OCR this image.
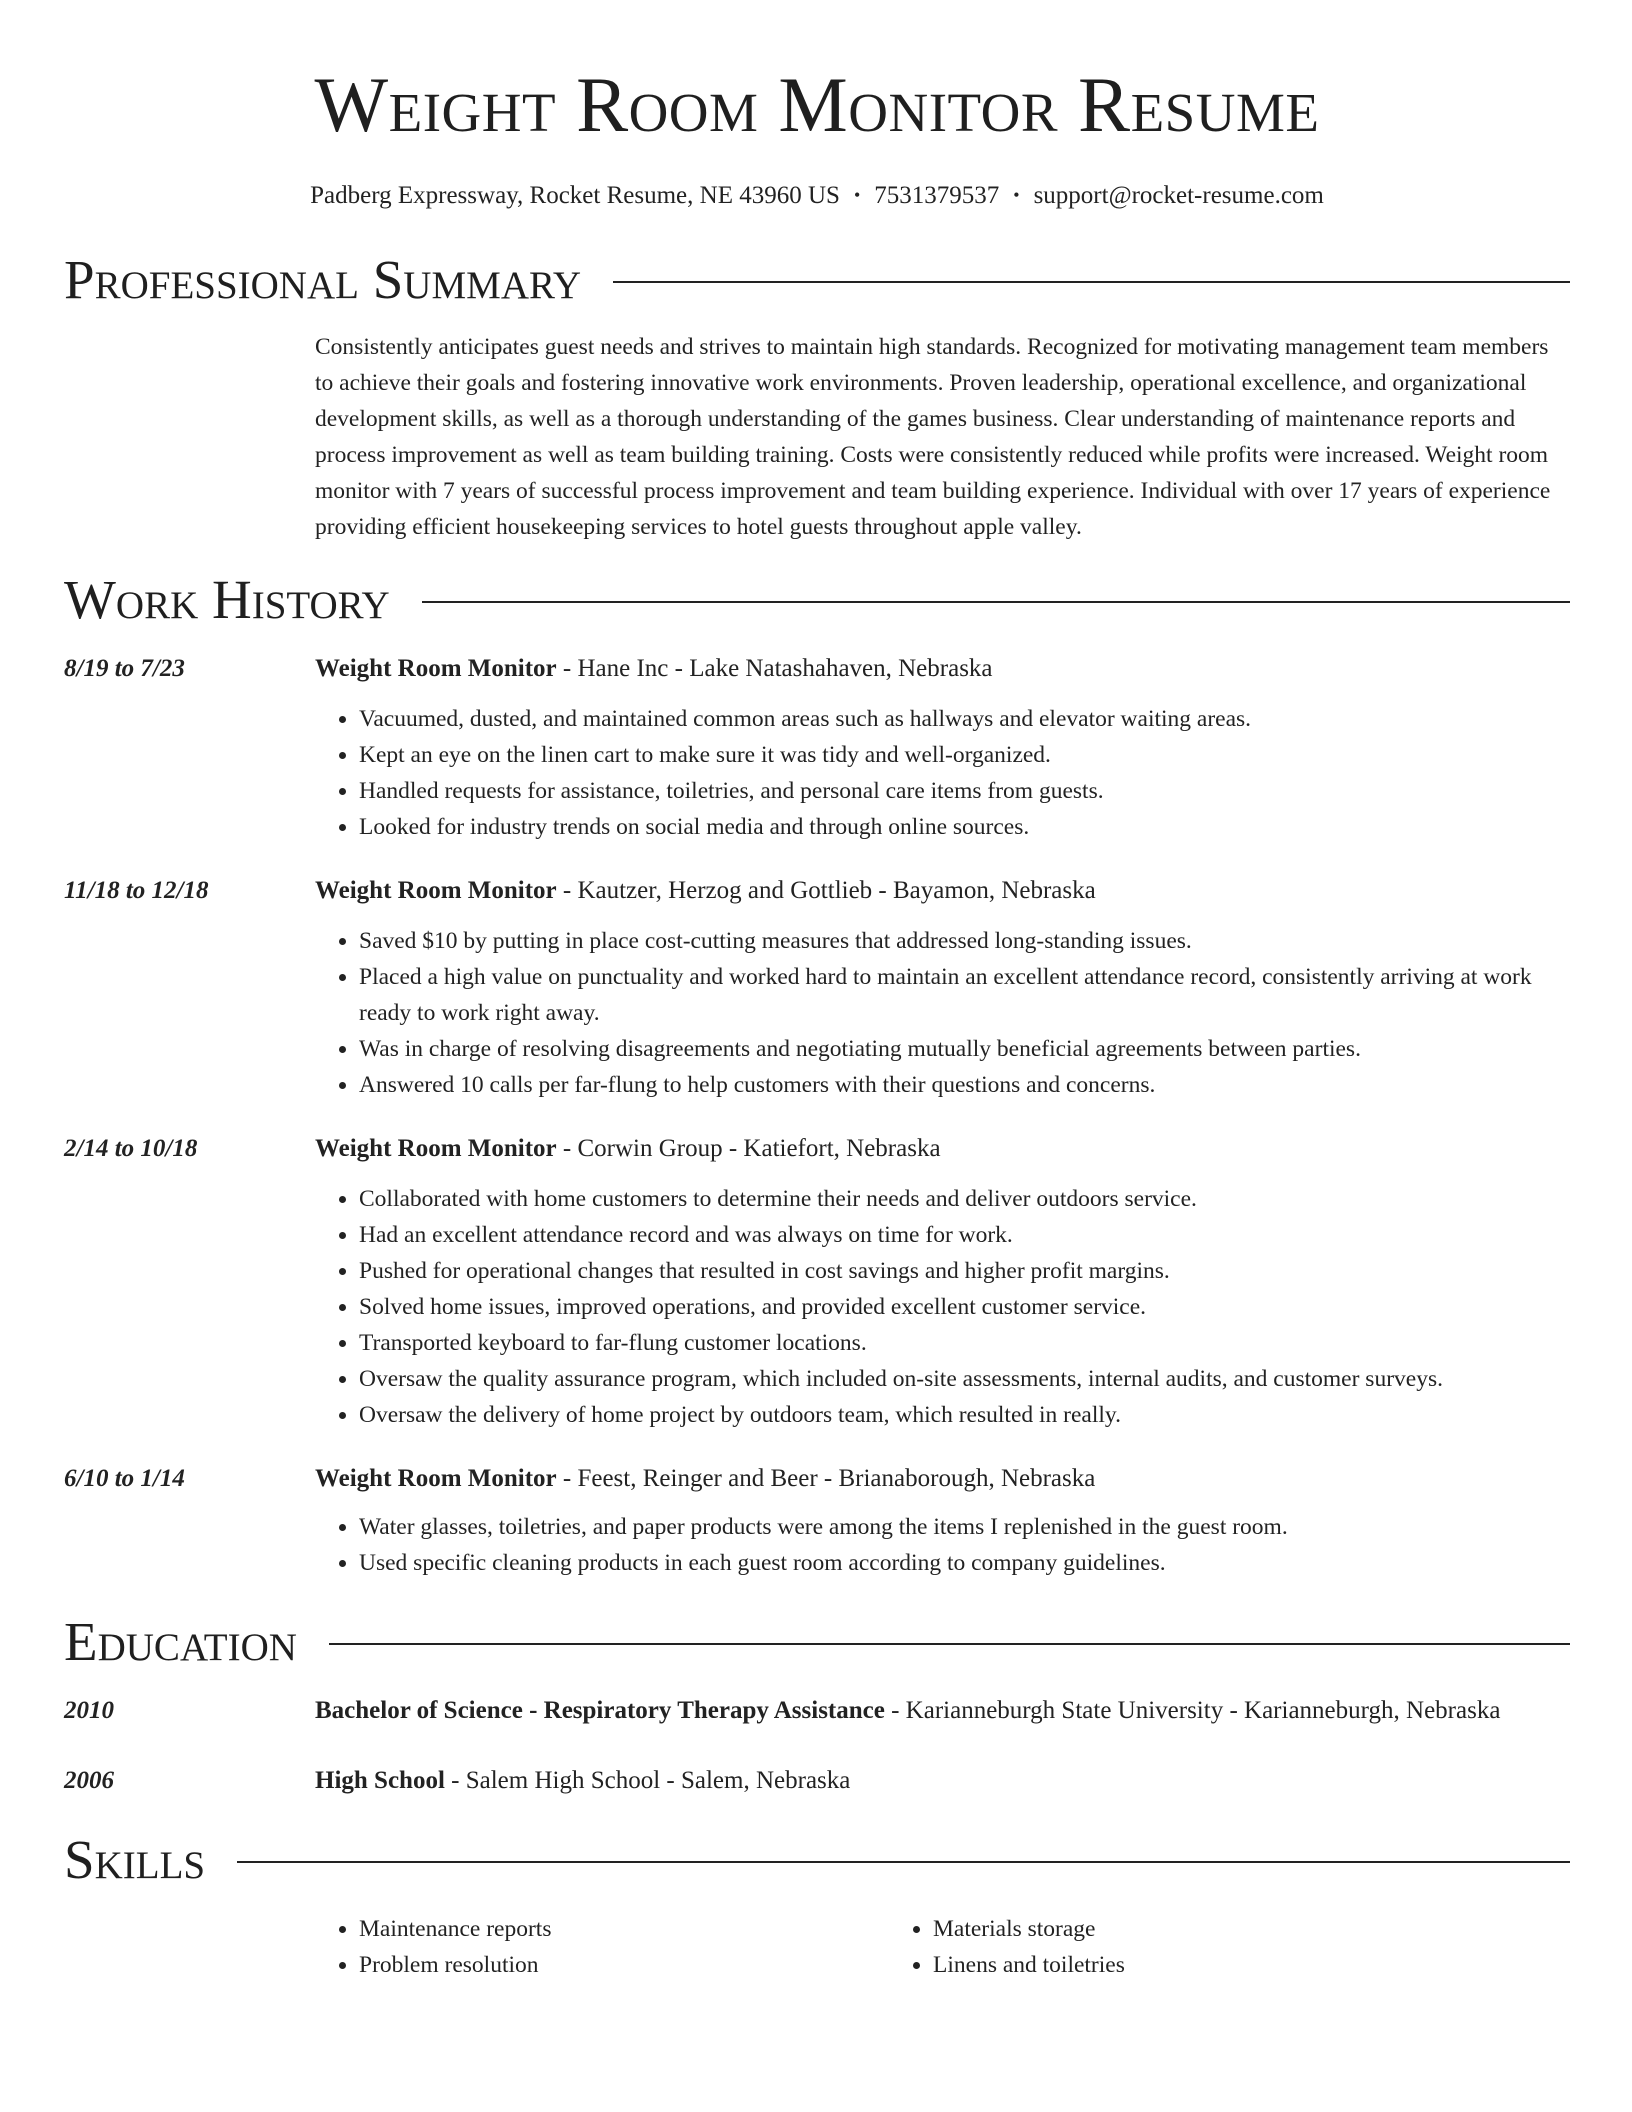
Weight Room Monitor Resume
Padberg Expressway, Rocket Resume, NE 43960 US • 7531379537 • support@rocket-resume.com
Professional Summary

Consistently anticipates guest needs and strives to maintain high standards. Recognized for motivating management team members to achieve their goals and fostering innovative work environments. Proven leadership, operational excellence, and organizational development skills, as well as a thorough understanding of the games business. Clear understanding of maintenance reports and process improvement as well as team building training. Costs were consistently reduced while profits were increased. Weight room monitor with 7 years of successful process improvement and team building experience. Individual with over 17 years of experience providing efficient housekeeping services to hotel guests throughout apple valley.

Work History
8/19 to 7/23	Weight Room Monitor - Hane Inc - Lake Natashahaven, Nebraska
• Vacuumed, dusted, and maintained common areas such as hallways and elevator waiting areas.
• Kept an eye on the linen cart to make sure it was tidy and well-organized.
• Handled requests for assistance, toiletries, and personal care items from guests.
• Looked for industry trends on social media and through online sources.
11/18 to 12/18	Weight Room Monitor - Kautzer, Herzog and Gottlieb - Bayamon, Nebraska
• Saved $10 by putting in place cost-cutting measures that addressed long-standing issues.
• Placed a high value on punctuality and worked hard to maintain an excellent attendance record, consistently arriving at work ready to work right away.
• Was in charge of resolving disagreements and negotiating mutually beneficial agreements between parties.
• Answered 10 calls per far-flung to help customers with their questions and concerns.
2/14 to 10/18	Weight Room Monitor - Corwin Group - Katiefort, Nebraska
• Collaborated with home customers to determine their needs and deliver outdoors service.
• Had an excellent attendance record and was always on time for work.
• Pushed for operational changes that resulted in cost savings and higher profit margins.
• Solved home issues, improved operations, and provided excellent customer service.
• Transported keyboard to far-flung customer locations.
• Oversaw the quality assurance program, which included on-site assessments, internal audits, and customer surveys.
• Oversaw the delivery of home project by outdoors team, which resulted in really.
6/10 to 1/14	Weight Room Monitor - Feest, Reinger and Beer - Brianaborough, Nebraska
• Water glasses, toiletries, and paper products were among the items I replenished in the guest room.
• Used specific cleaning products in each guest room according to company guidelines.
Education
2010	Bachelor of Science - Respiratory Therapy Assistance - Karianneburgh State University - Karianneburgh, Nebraska
2006	High School - Salem High School - Salem, Nebraska
Skills
• Maintenance reports
• Problem resolution
• Materials storage
• Linens and toiletries
